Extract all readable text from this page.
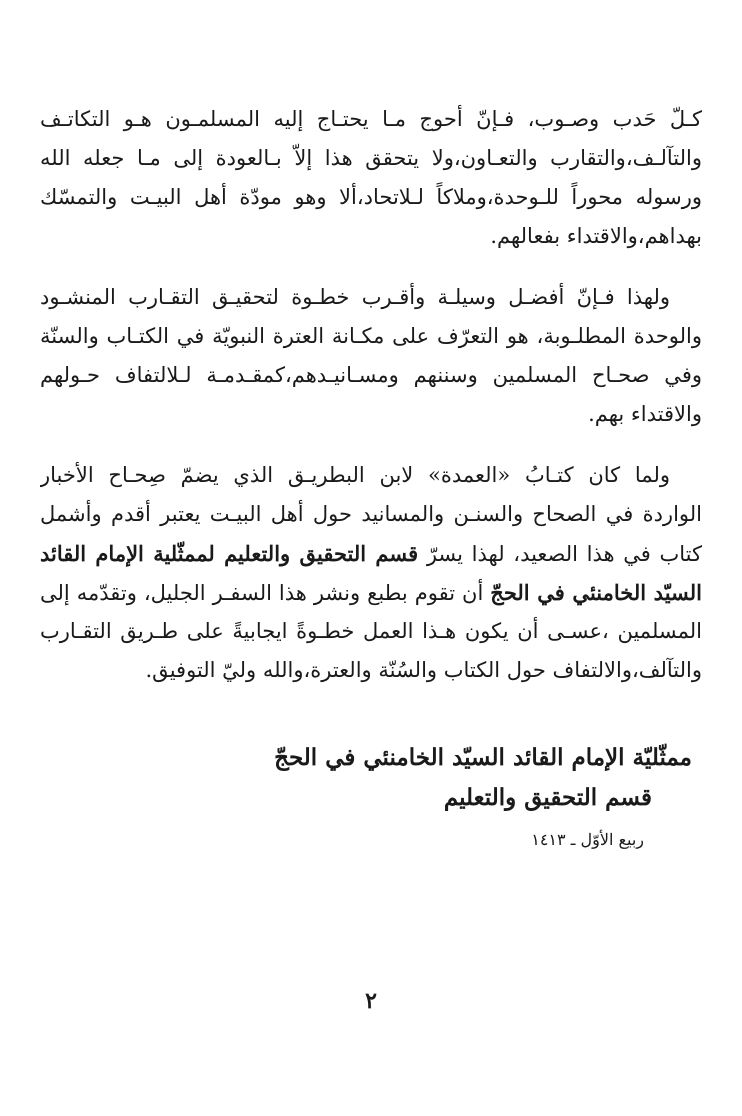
كـلّ حَدب وصـوب، فـإنّ أحوج مـا يحتـاج إليه المسلمـون هـو التكاتـف
والتآلـف،والتقارب والتعـاون،ولا يتحقق هذا إلاّ بـالعودة إلى مـا جعله الله
ورسوله محوراً للـوحدة،وملاكاً لـلاتحاد،ألا وهو مودّة أهل البيـت والتمسّك
بهداهم،والاقتداء بفعالهم.
ولهذا فـإنّ أفضـل وسيلـة وأقـرب خطـوة لتحقيـق التقـارب المنشـود
والوحدة المطلـوبة، هو التعرّف على مكـانة العترة النبويّة في الكتـاب والسنّة
وفي صحـاح المسلمين وسننهم ومسـانيـدهم،كمقـدمـة لـلالتفاف حـولهم
والاقتداء بهم.
ولما كان كتـابُ «العمدة» لابن البطريـق الذي يضمّ صِحـاح الأخبار
الواردة في الصحاح والسنـن والمسانيد حول أهل البيـت يعتبر أقدم وأشمل
كتاب في هذا الصعيد، لهذا يسرّ قسم التحقيق والتعليم لممثّلية الإمام القائد
السيّد الخامنئي في الحجّ أن تقوم بطبع ونشر هذا السفـر الجليل، وتقدّمه إلى
المسلمين ،عسـى أن يكون هـذا العمل خطـوةً ايجابيةً على طـريق التقـارب
والتآلف،والالتفاف حول الكتاب والسُنّة والعترة،والله وليّ التوفيق.
ممثّليّة الإمام القائد السيّد الخامنئي في الحجّ
قسم التحقيق والتعليم
ربيع الأوّل ـ ١٤١٣
٢
